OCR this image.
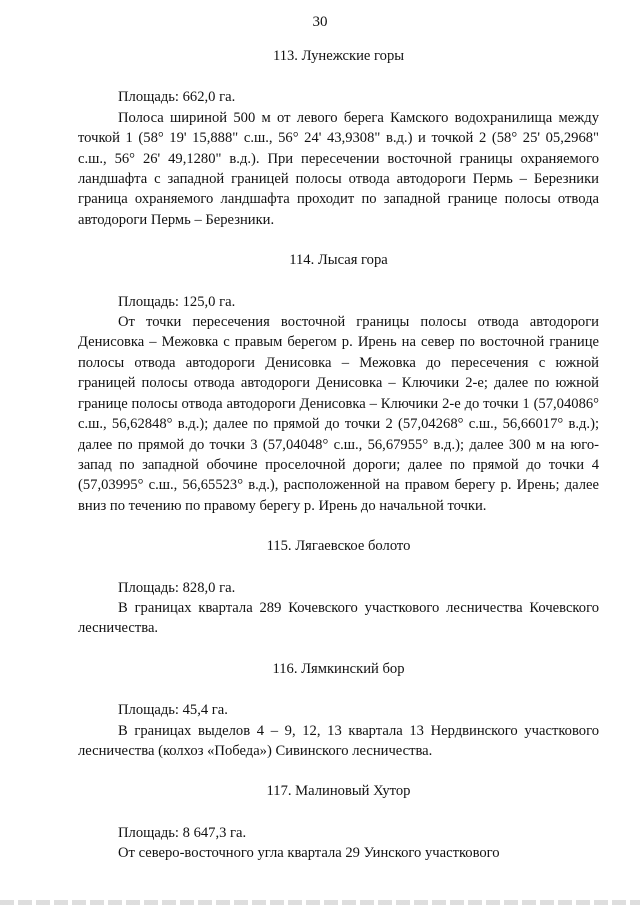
30

113. Лунежские горы

Площадь: 662,0 га.

Полоса шириной 500 м от левого берега Камского водохранилища между точкой 1 (58° 19' 15,888" с.ш., 56° 24' 43,9308" в.д.) и точкой 2 (58° 25' 05,2968" с.ш., 56° 26' 49,1280" в.д.). При пересечении восточной границы охраняемого ландшафта с западной границей полосы отвода автодороги Пермь – Березники граница охраняемого ландшафта проходит по западной границе полосы отвода автодороги Пермь – Березники.

114. Лысая гора

Площадь: 125,0 га.

От точки пересечения восточной границы полосы отвода автодороги Денисовка – Межовка с правым берегом р. Ирень на север по восточной границе полосы отвода автодороги Денисовка – Межовка до пересечения с южной границей полосы отвода автодороги Денисовка – Ключики 2-е; далее по южной границе полосы отвода автодороги Денисовка – Ключики 2-е до точки 1 (57,04086° с.ш., 56,62848° в.д.); далее по прямой до точки 2 (57,04268° с.ш., 56,66017° в.д.); далее по прямой до точки 3 (57,04048° с.ш., 56,67955° в.д.); далее 300 м на юго-запад по западной обочине проселочной дороги; далее по прямой до точки 4 (57,03995° с.ш., 56,65523° в.д.), расположенной на правом берегу р. Ирень; далее вниз по течению по правому берегу р. Ирень до начальной точки.

115. Лягаевское болото

Площадь: 828,0 га.

В границах квартала 289 Кочевского участкового лесничества Кочевского лесничества.

116. Лямкинский бор

Площадь: 45,4 га.

В границах выделов 4 – 9, 12, 13 квартала 13 Нердвинского участкового лесничества (колхоз «Победа») Сивинского лесничества.

117. Малиновый Хутор

Площадь: 8 647,3 га.

От северо-восточного угла квартала 29 Уинского участкового
